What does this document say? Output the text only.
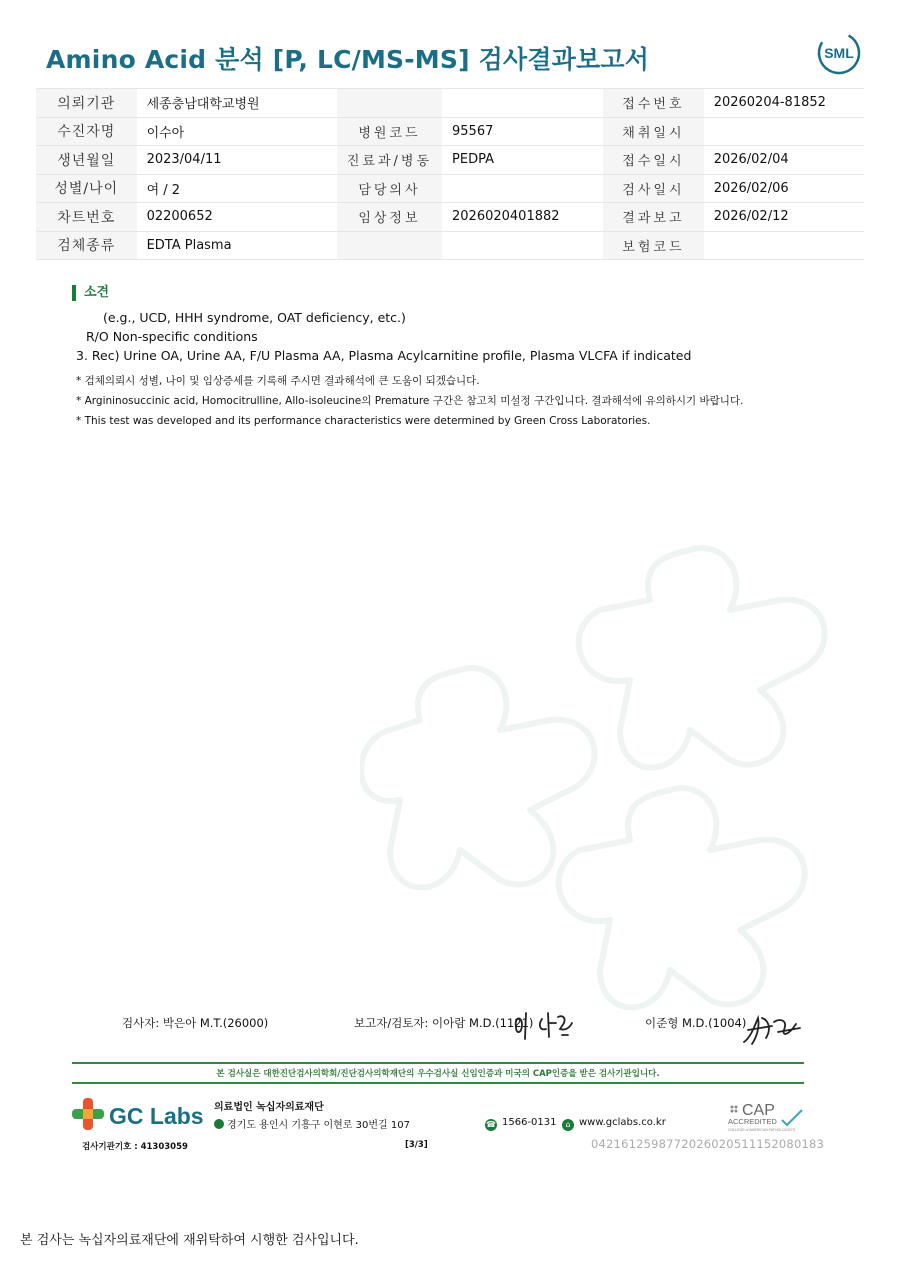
Amino Acid 분석 [P, LC/MS-MS] 검사결과보고서	SML
의뢰기관	세종충남대학교병원			접수번호	20260204-81852
수진자명	이수아	병원코드	95567	채취일시	
생년월일	2023/04/11	진료과/병동	PEDPA	접수일시	2026/02/04
성별/나이	여 / 2	담당의사		검사일시	2026/02/06
차트번호	02200652	임상정보	2026020401882	결과보고	2026/02/12
검체종류	EDTA Plasma			보험코드	
소견
(e.g., UCD, HHH syndrome, OAT deficiency, etc.)
R/O Non-specific conditions
3. Rec) Urine OA, Urine AA, F/U Plasma AA, Plasma Acylcarnitine profile, Plasma VLCFA if indicated
* 검체의뢰시 성별, 나이 및 임상증세를 기록해 주시면 결과해석에 큰 도움이 되겠습니다.
* Argininosuccinic acid, Homocitrulline, Allo-isoleucine의 Premature 구간은 참고치 미설정 구간입니다. 결과해석에 유의하시기 바랍니다.
* This test was developed and its performance characteristics were determined by Green Cross Laboratories.
검사자: 박은아 M.T.(26000)	보고자/검토자: 이아람 M.D.(1121)	이준형 M.D.(1004)
본 검사실은 대한진단검사의학회/진단검사의학재단의 우수검사실 신임인증과 미국의 CAP인증을 받은 검사기관입니다.
GC Labs 의료법인 녹십자의료재단
경기도 용인시 기흥구 이현로 30번길 107	☎ 1566-0131	⌂ www.gclabs.co.kr
CAP
ACCREDITED
COLLEGE of AMERICAN PATHOLOGISTS
0421612598772026020511152080183
검사기관기호 : 41303059	[3/3]
본 검사는 녹십자의료재단에 재위탁하여 시행한 검사입니다.
